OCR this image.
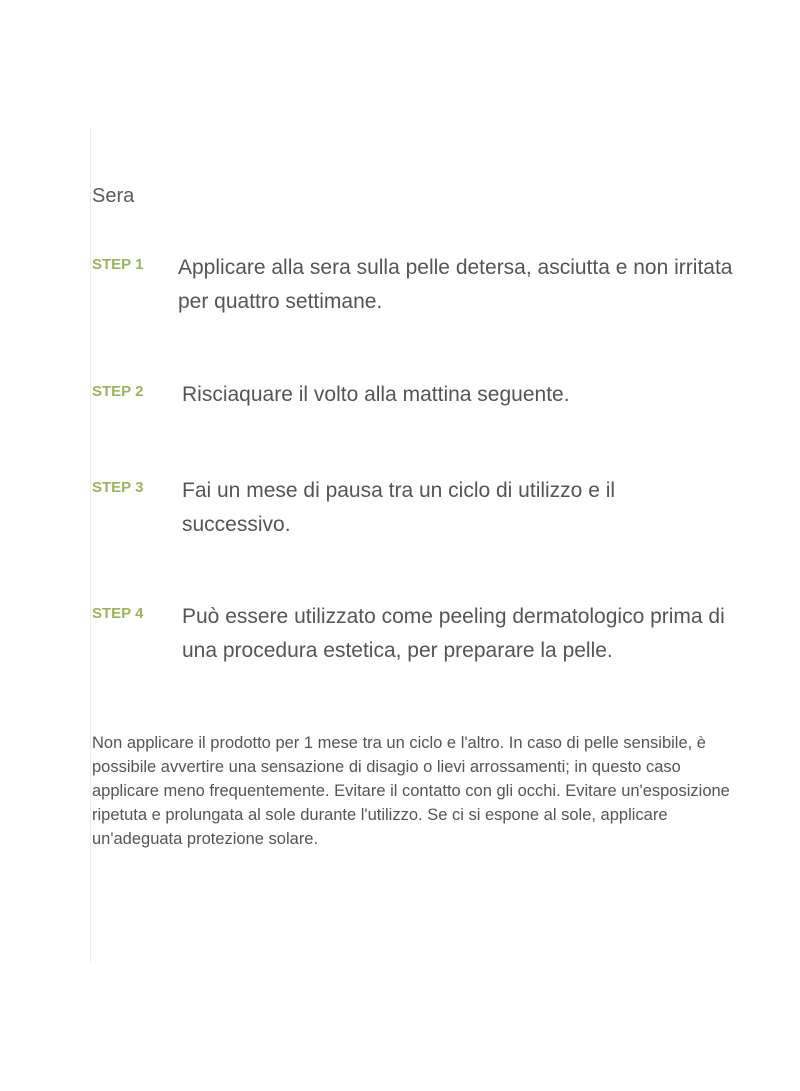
Sera
STEP 1 Applicare alla sera sulla pelle detersa, asciutta e non irritata per quattro settimane.
STEP 2 Risciaquare il volto alla mattina seguente.
STEP 3 Fai un mese di pausa tra un ciclo di utilizzo e il successivo.
STEP 4 Può essere utilizzato come peeling dermatologico prima di una procedura estetica, per preparare la pelle.
Non applicare il prodotto per 1 mese tra un ciclo e l'altro. In caso di pelle sensibile, è possibile avvertire una sensazione di disagio o lievi arrossamenti; in questo caso applicare meno frequentemente. Evitare il contatto con gli occhi. Evitare un'esposizione ripetuta e prolungata al sole durante l'utilizzo. Se ci si espone al sole, applicare un'adeguata protezione solare.
